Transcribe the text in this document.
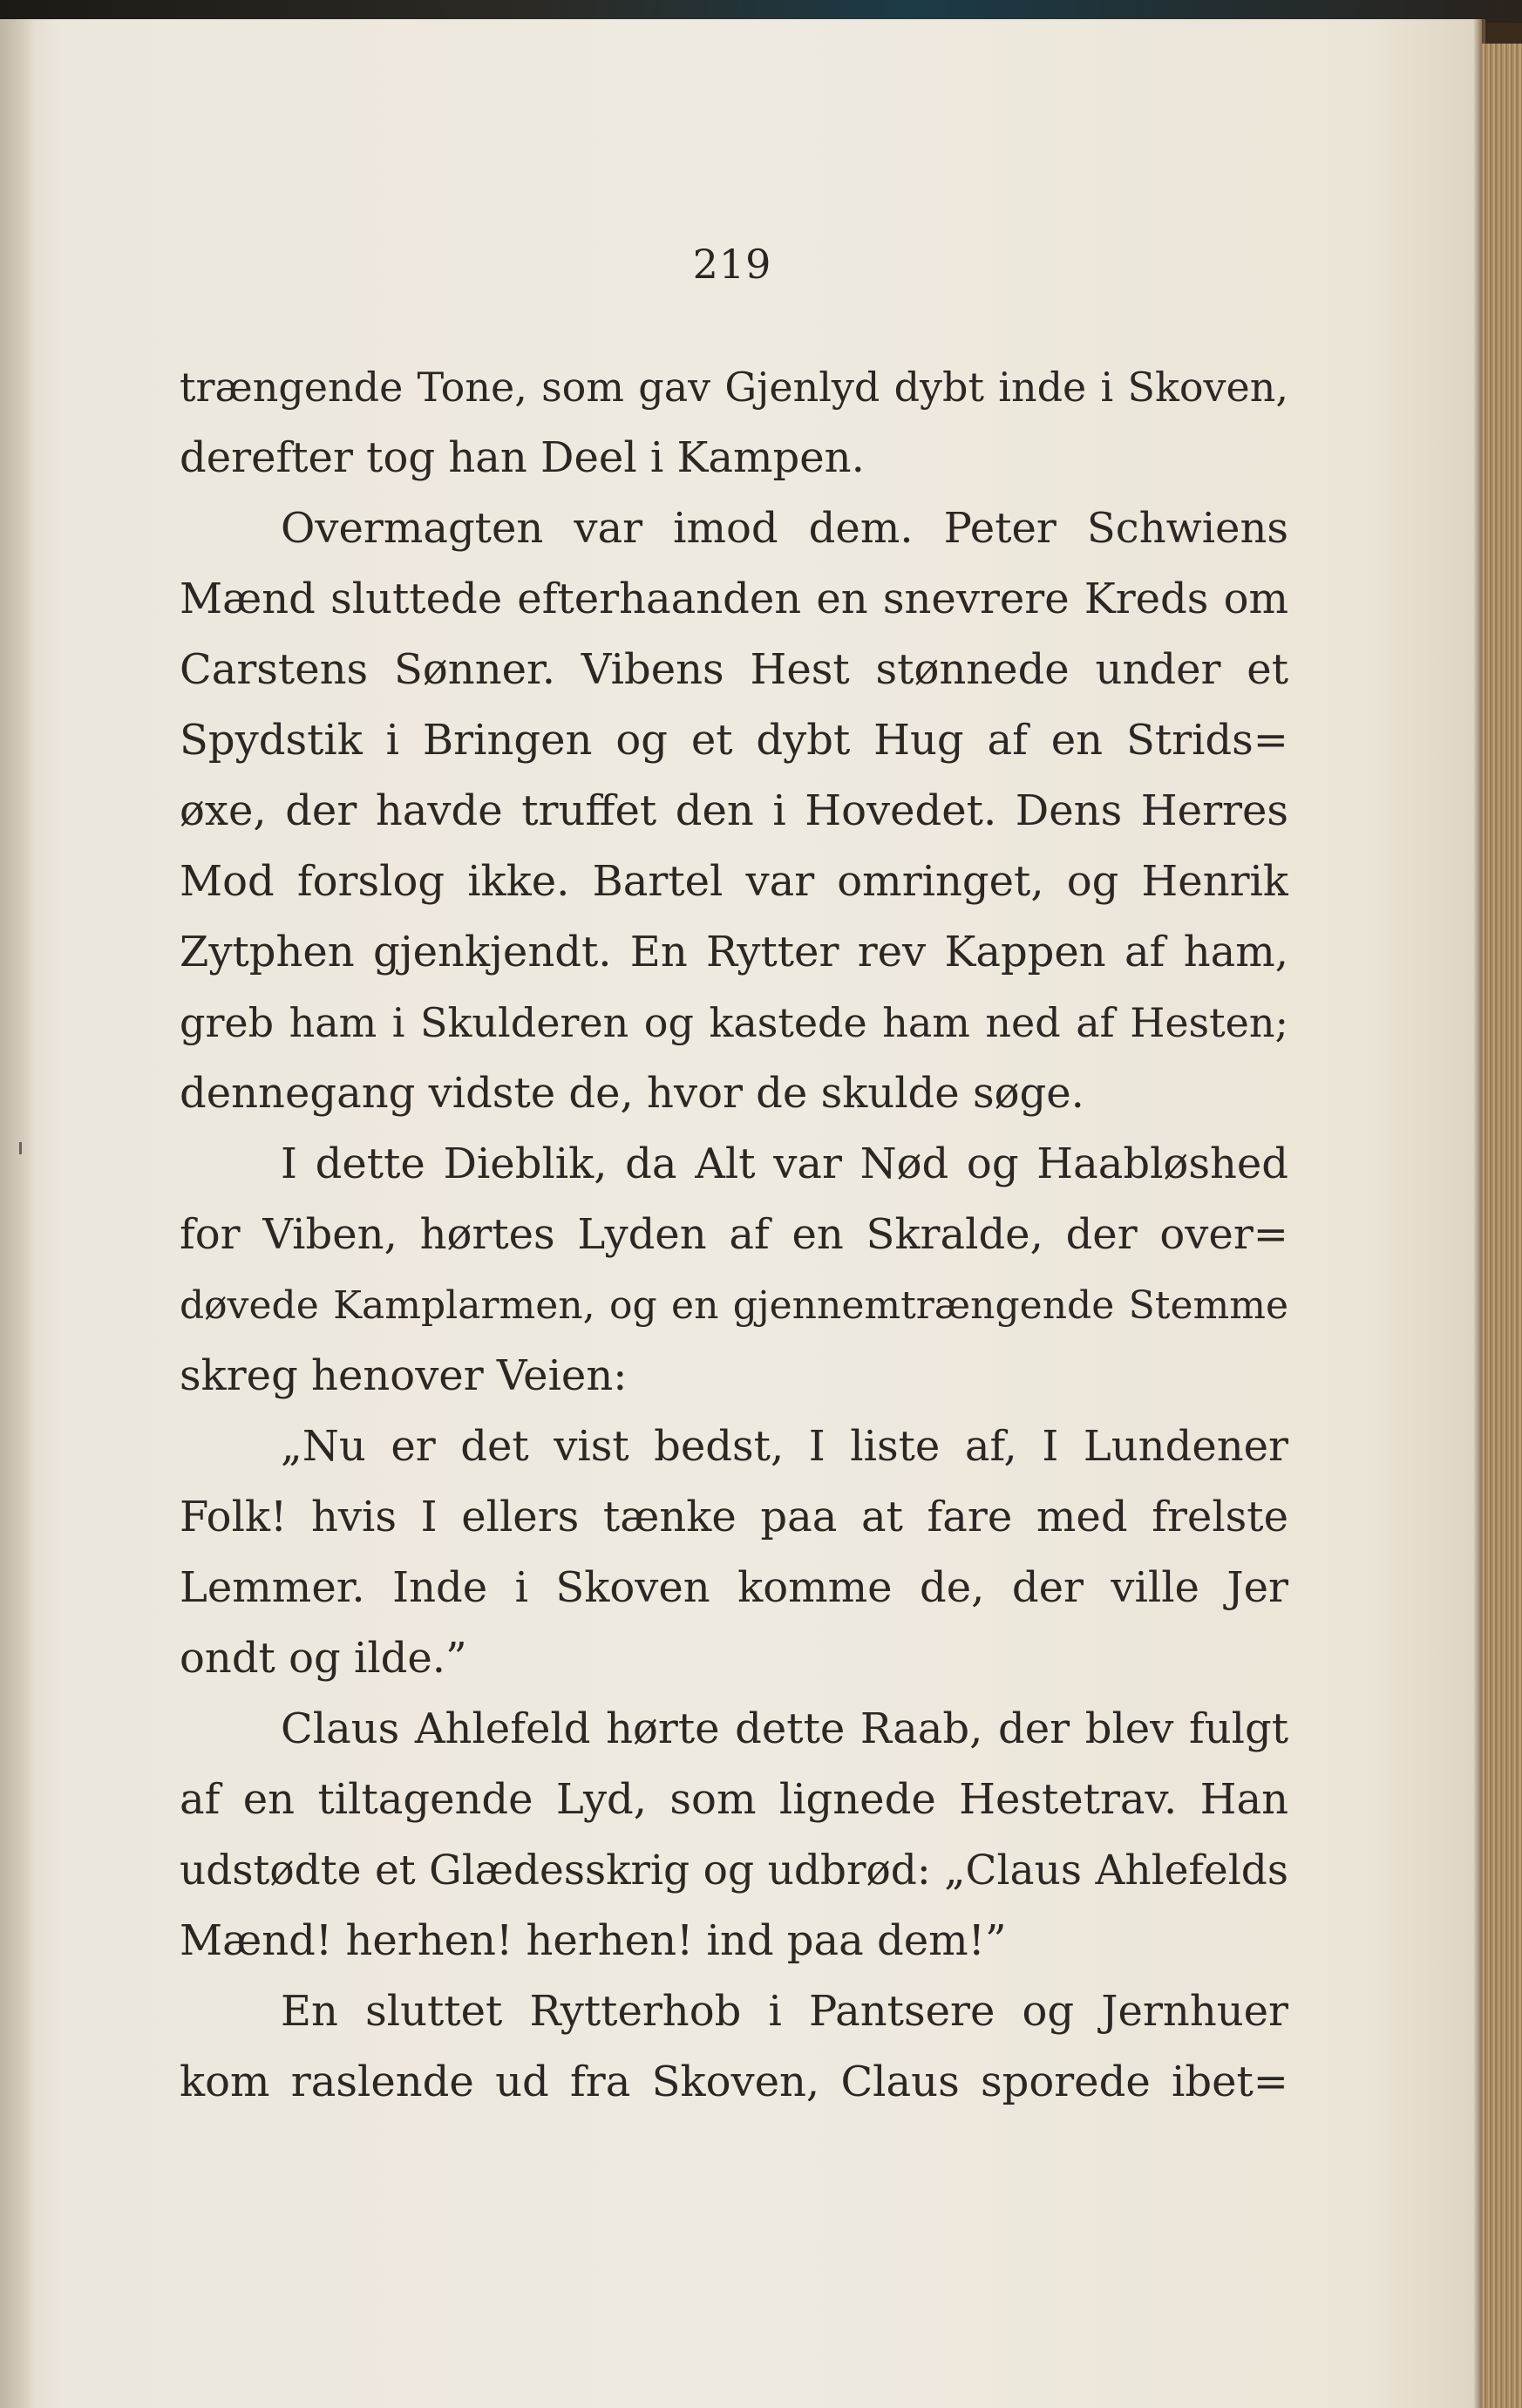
219
trængende Tone, som gav Gjenlyd dybt inde i Skoven,
derefter tog han Deel i Kampen.
Overmagten var imod dem. Peter Schwiens
Mænd sluttede efterhaanden en snevrere Kreds om
Carstens Sønner. Vibens Hest stønnede under et
Spydstik i Bringen og et dybt Hug af en Strids=
øxe, der havde truffet den i Hovedet. Dens Herres
Mod forslog ikke. Bartel var omringet, og Henrik
Zytphen gjenkjendt. En Rytter rev Kappen af ham,
greb ham i Skulderen og kastede ham ned af Hesten;
dennegang vidste de, hvor de skulde søge.
I dette Dieblik, da Alt var Nød og Haabløshed
for Viben, hørtes Lyden af en Skralde, der over=
døvede Kamplarmen, og en gjennemtrængende Stemme
skreg henover Veien:
„Nu er det vist bedst, I liste af, I Lundener
Folk! hvis I ellers tænke paa at fare med frelste
Lemmer. Inde i Skoven komme de, der ville Jer
ondt og ilde.”
Claus Ahlefeld hørte dette Raab, der blev fulgt
af en tiltagende Lyd, som lignede Hestetrav. Han
udstødte et Glædesskrig og udbrød: „Claus Ahlefelds
Mænd! herhen! herhen! ind paa dem!”
En sluttet Rytterhob i Pantsere og Jernhuer
kom raslende ud fra Skoven, Claus sporede ibet=
